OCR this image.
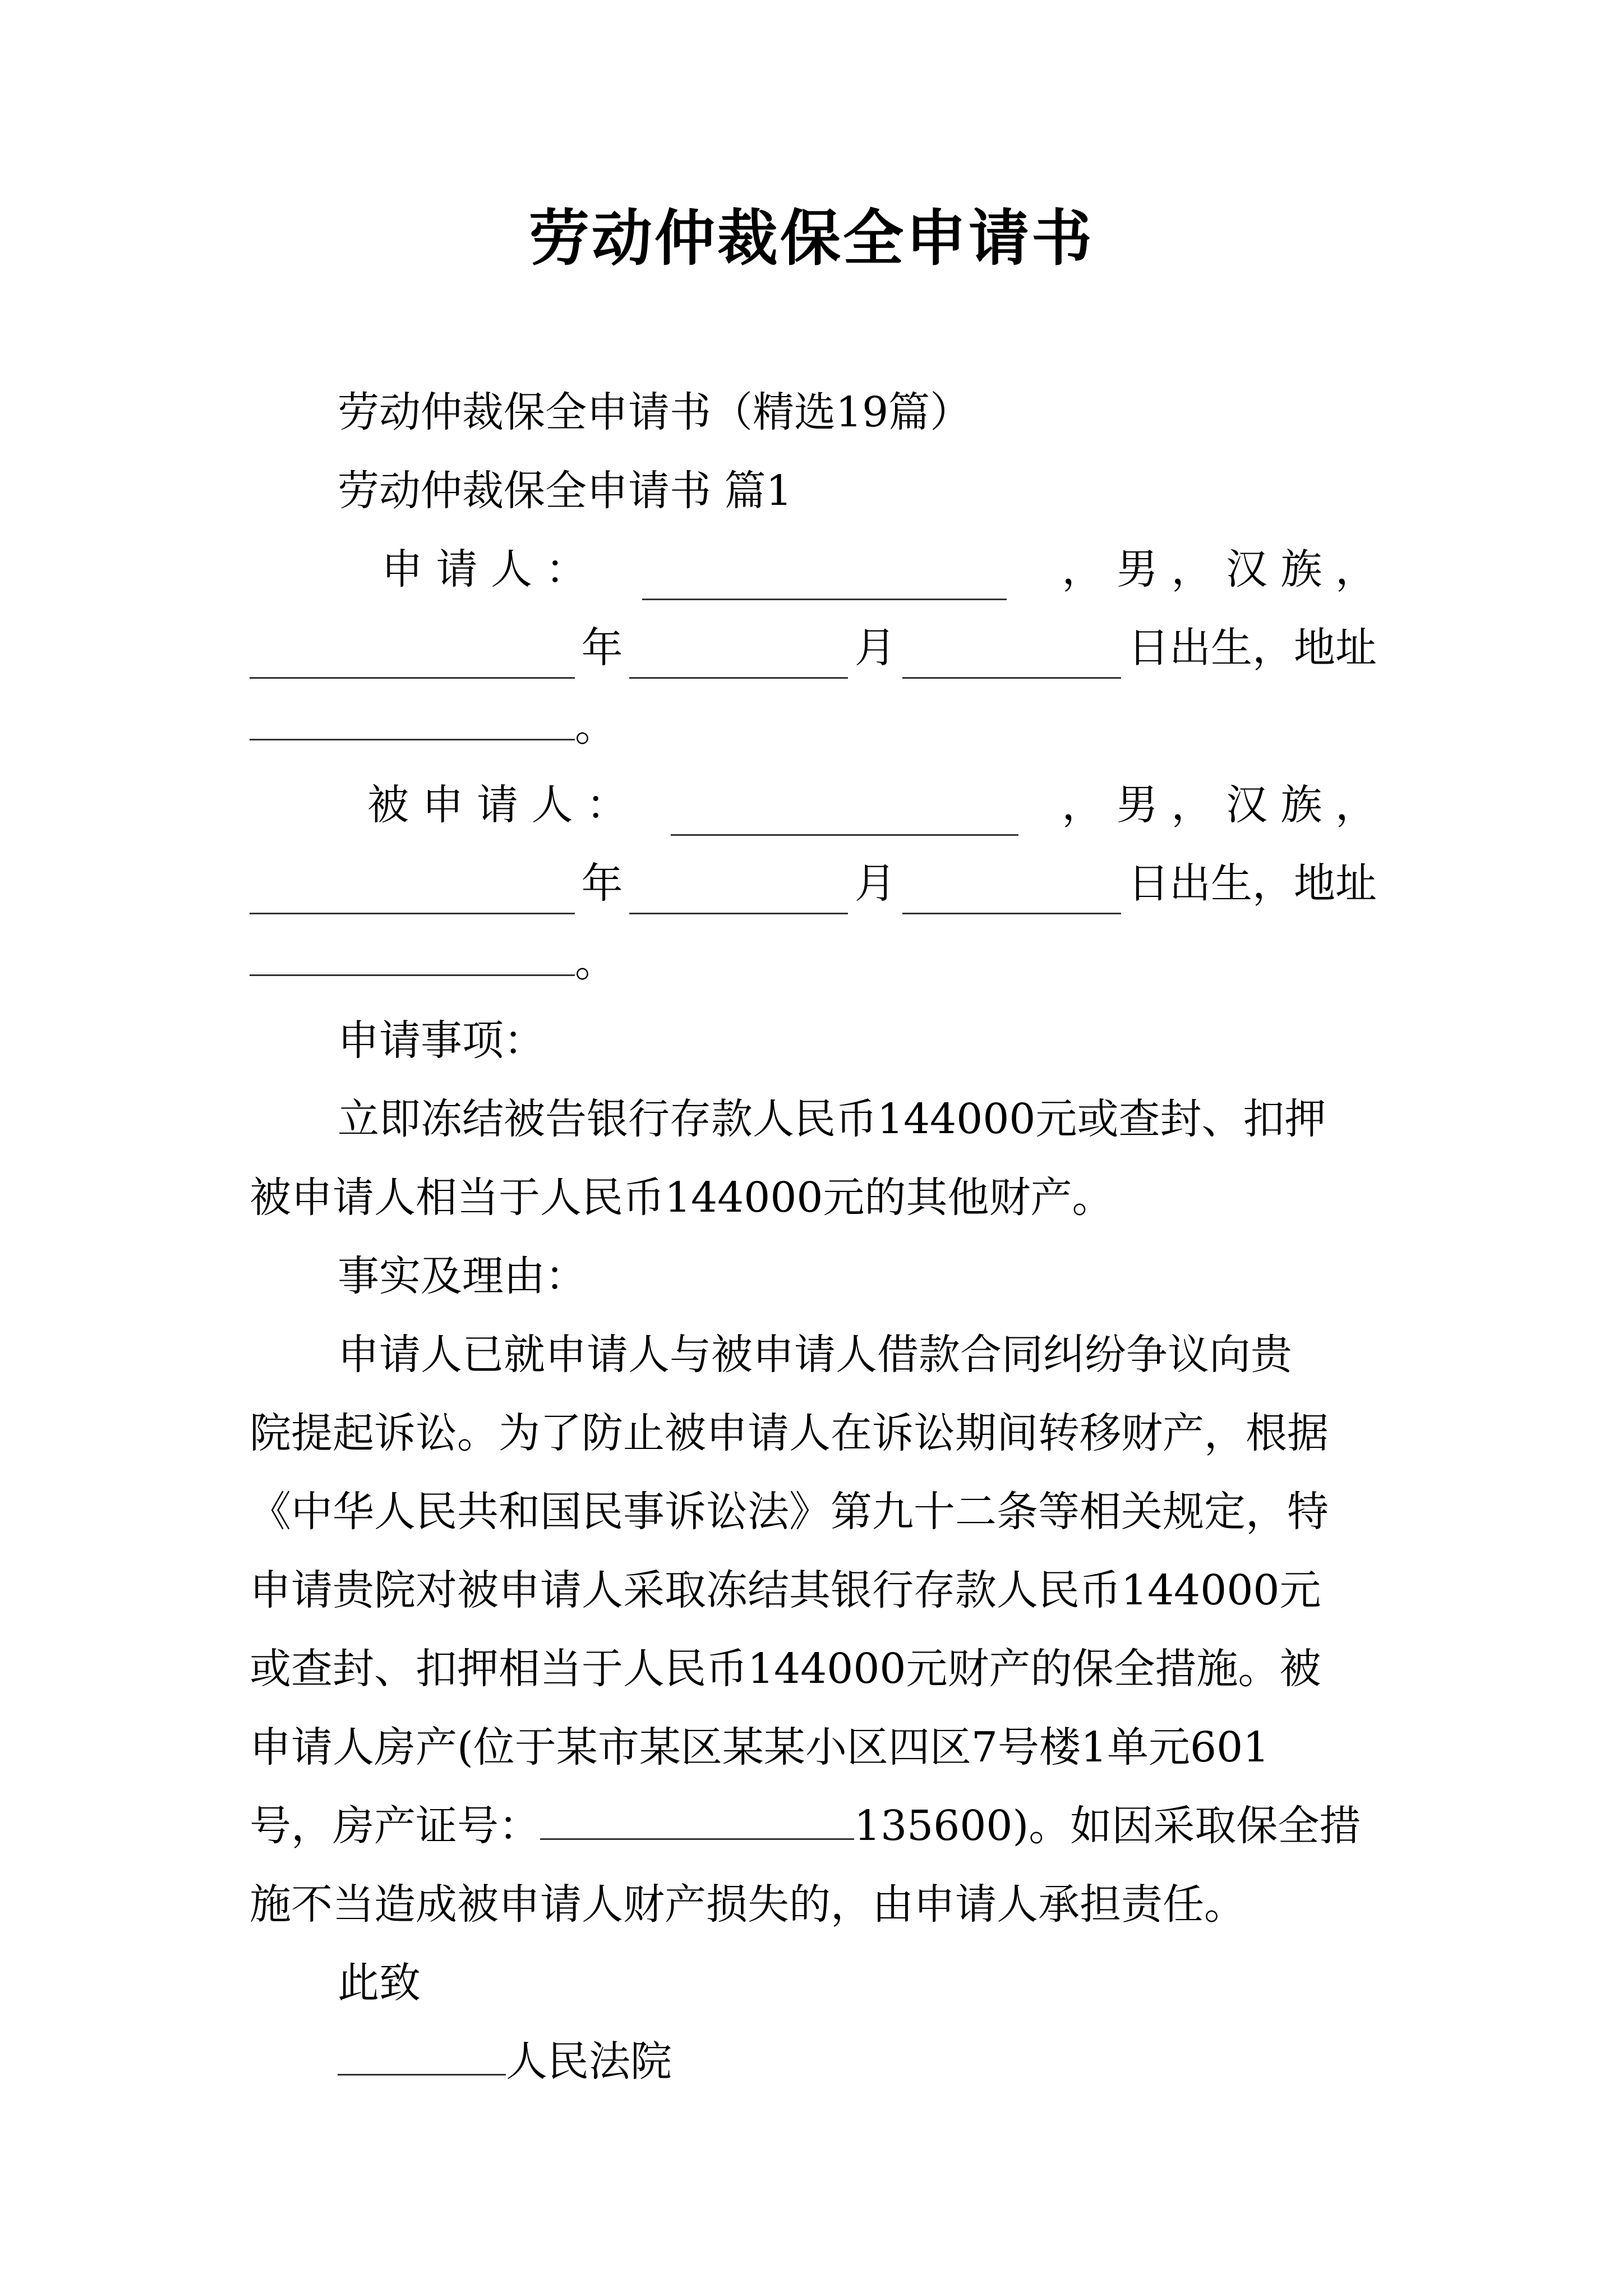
劳动仲裁保全申请书
劳动仲裁保全申请书（精选19篇）
劳动仲裁保全申请书 篇1
申 请 人 ：	， 男 ， 汉 族 ，
年	月	日出生，地址
。
被 申 请 人 ：	， 男 ， 汉 族 ，
年	月	日出生，地址
。
申请事项：
立即冻结被告银行存款人民币144000元或查封、扣押
被申请人相当于人民币144000元的其他财产。
事实及理由：
申请人已就申请人与被申请人借款合同纠纷争议向贵
院提起诉讼。为了防止被申请人在诉讼期间转移财产，根据
《中华人民共和国民事诉讼法》第九十二条等相关规定，特
申请贵院对被申请人采取冻结其银行存款人民币144000元
或查封、扣押相当于人民币144000元财产的保全措施。被
申请人房产(位于某市某区某某小区四区7号楼1单元601
号，房产证号：	135600)。如因采取保全措
施不当造成被申请人财产损失的，由申请人承担责任。
此致
人民法院
